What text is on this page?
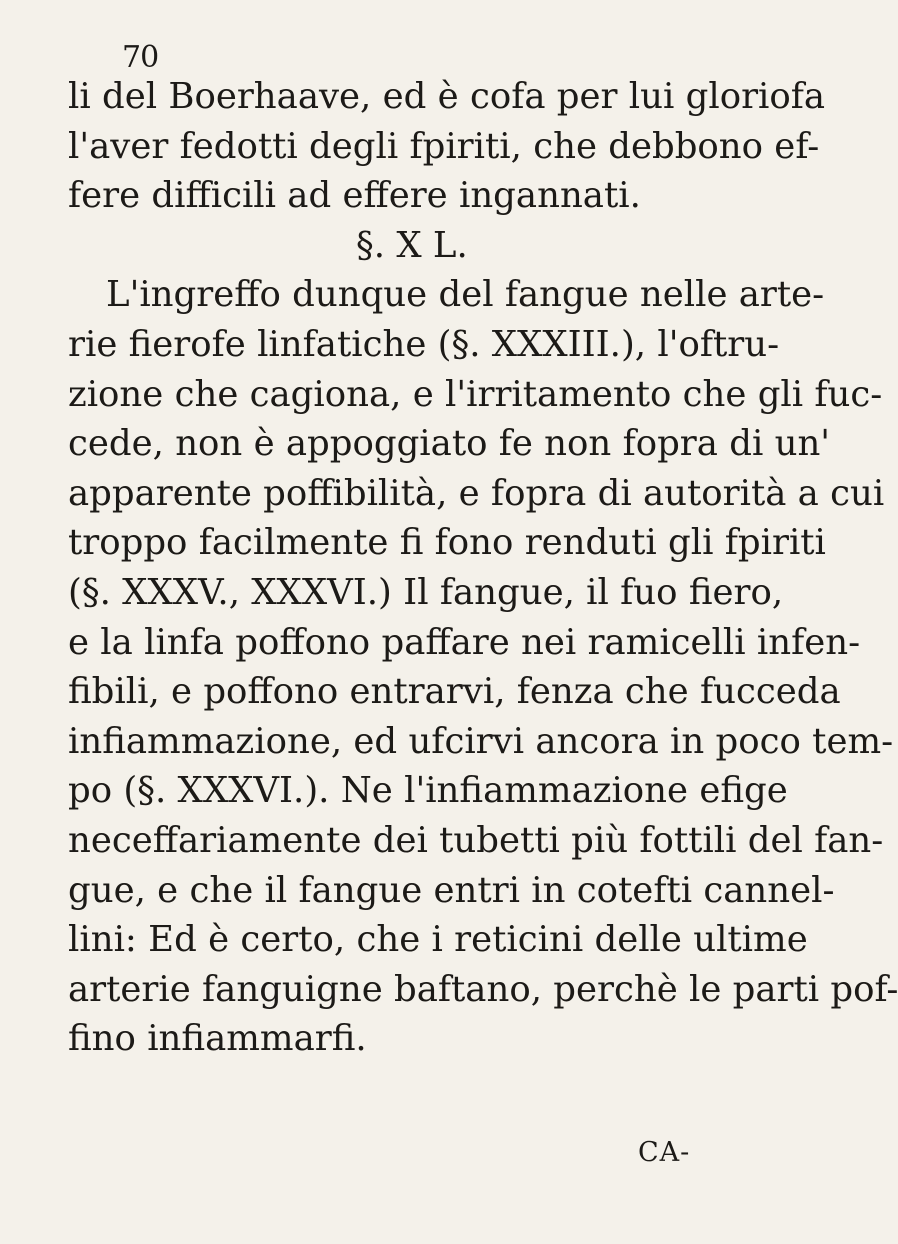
70
li del Boerhaave, ed è cofa per lui gloriofa
l'aver fedotti degli fpiriti, che debbono ef-
fere difficili ad effere ingannati.
§. X L.
L'ingreffo dunque del fangue nelle arte-
rie fierofe linfatiche (§. XXXIII.), l'oftru-
zione che cagiona, e l'irritamento che gli fuc-
cede, non è appoggiato fe non fopra di un'
apparente poffibilità, e fopra di autorità a cui
troppo facilmente fi fono renduti gli fpiriti
(§. XXXV., XXXVI.) Il fangue, il fuo fiero,
e la linfa poffono paffare nei ramicelli infen-
fibili, e poffono entrarvi, fenza che fucceda
infiammazione, ed ufcirvi ancora in poco tem-
po (§. XXXVI.). Ne l'infiammazione efige
neceffariamente dei tubetti più fottili del fan-
gue, e che il fangue entri in cotefti cannel-
lini: Ed è certo, che i reticini delle ultime
arterie fanguigne baftano, perchè le parti pof-
fino infiammarfi.
CA-
